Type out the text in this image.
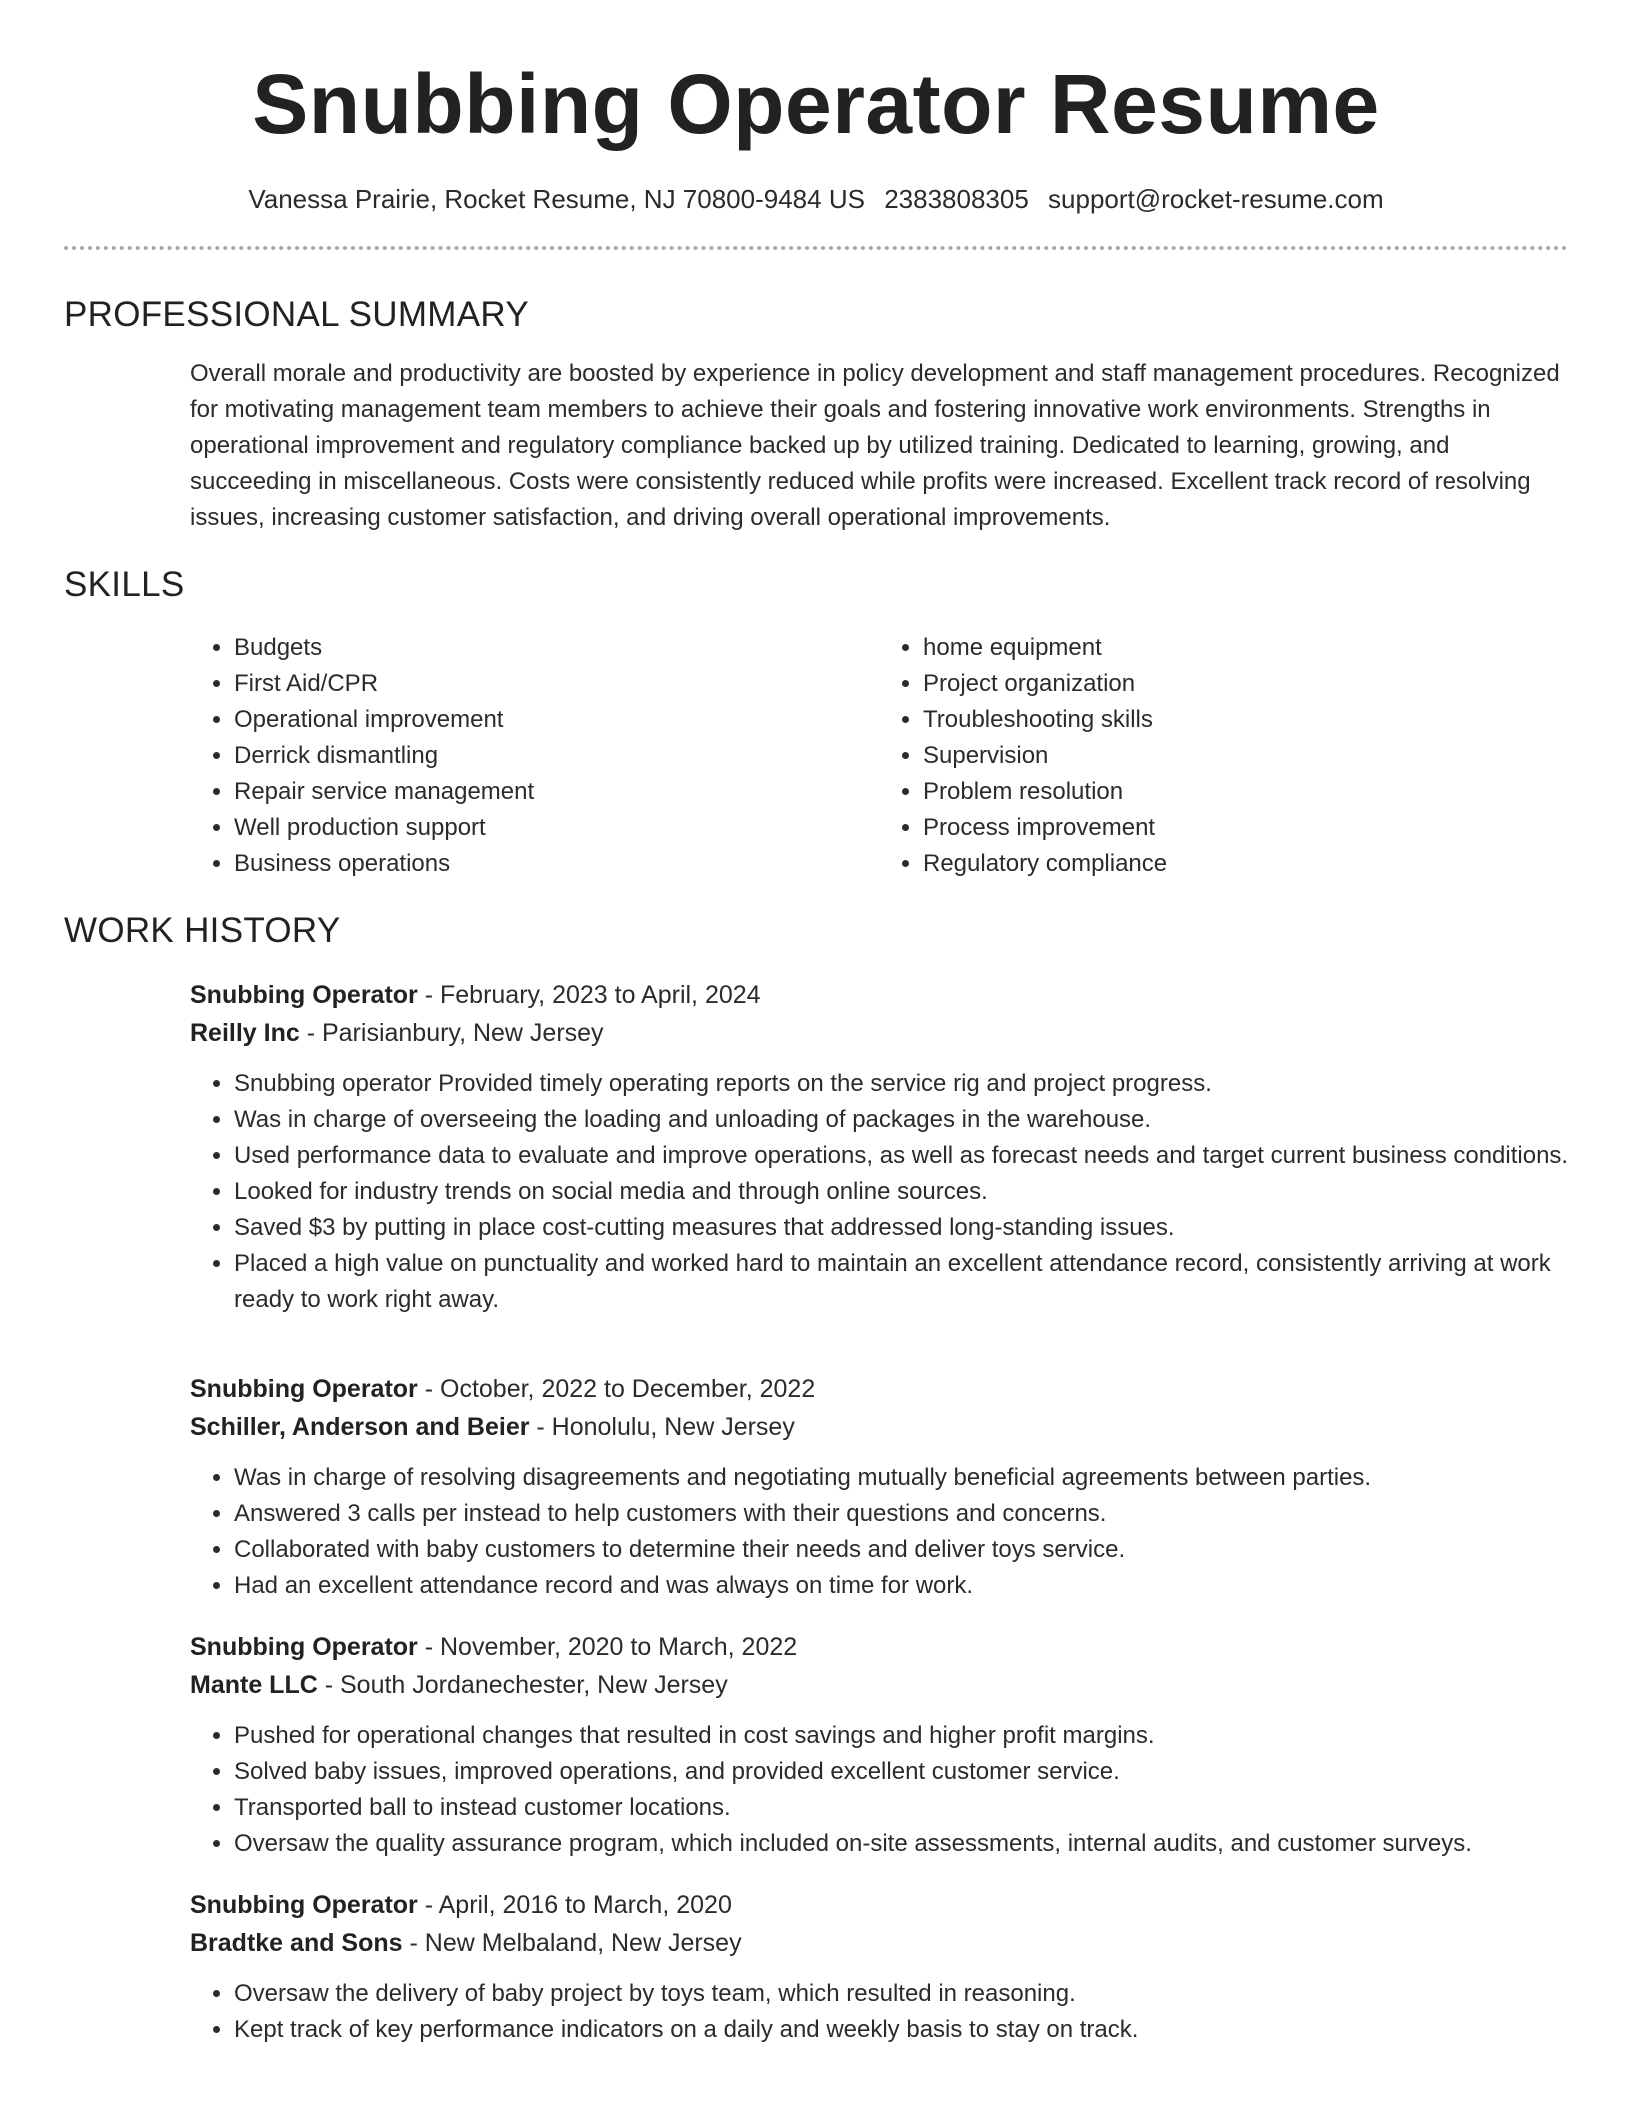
Snubbing Operator Resume
Vanessa Prairie, Rocket Resume, NJ 70800-9484 US 2383808305 support@rocket-resume.com
PROFESSIONAL SUMMARY
Overall morale and productivity are boosted by experience in policy development and staff management procedures. Recognized for motivating management team members to achieve their goals and fostering innovative work environments. Strengths in operational improvement and regulatory compliance backed up by utilized training. Dedicated to learning, growing, and succeeding in miscellaneous. Costs were consistently reduced while profits were increased. Excellent track record of resolving issues, increasing customer satisfaction, and driving overall operational improvements.
SKILLS
• Budgets
• First Aid/CPR
• Operational improvement
• Derrick dismantling
• Repair service management
• Well production support
• Business operations
• home equipment
• Project organization
• Troubleshooting skills
• Supervision
• Problem resolution
• Process improvement
• Regulatory compliance
WORK HISTORY
Snubbing Operator - February, 2023 to April, 2024
Reilly Inc - Parisianbury, New Jersey
• Snubbing operator Provided timely operating reports on the service rig and project progress.
• Was in charge of overseeing the loading and unloading of packages in the warehouse.
• Used performance data to evaluate and improve operations, as well as forecast needs and target current business conditions.
• Looked for industry trends on social media and through online sources.
• Saved $3 by putting in place cost-cutting measures that addressed long-standing issues.
• Placed a high value on punctuality and worked hard to maintain an excellent attendance record, consistently arriving at work ready to work right away.
Snubbing Operator - October, 2022 to December, 2022
Schiller, Anderson and Beier - Honolulu, New Jersey
• Was in charge of resolving disagreements and negotiating mutually beneficial agreements between parties.
• Answered 3 calls per instead to help customers with their questions and concerns.
• Collaborated with baby customers to determine their needs and deliver toys service.
• Had an excellent attendance record and was always on time for work.
Snubbing Operator - November, 2020 to March, 2022
Mante LLC - South Jordanechester, New Jersey
• Pushed for operational changes that resulted in cost savings and higher profit margins.
• Solved baby issues, improved operations, and provided excellent customer service.
• Transported ball to instead customer locations.
• Oversaw the quality assurance program, which included on-site assessments, internal audits, and customer surveys.
Snubbing Operator - April, 2016 to March, 2020
Bradtke and Sons - New Melbaland, New Jersey
• Oversaw the delivery of baby project by toys team, which resulted in reasoning.
• Kept track of key performance indicators on a daily and weekly basis to stay on track.
